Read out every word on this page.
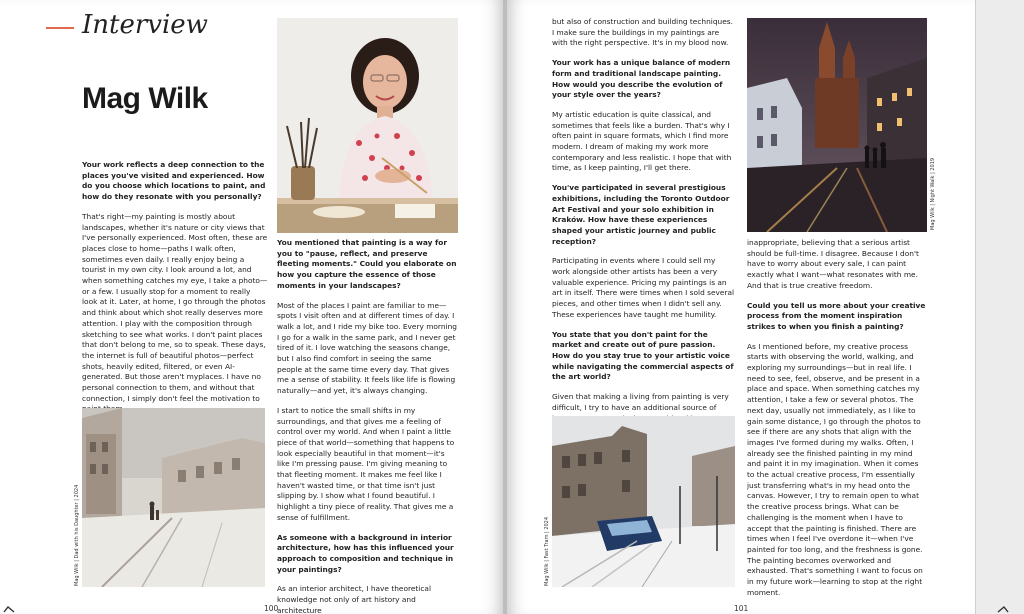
Interview
Mag Wilk

Your work reflects a deep connection to the places you've visited and experienced. How do you choose which locations to paint, and how do they resonate with you personally?

That's right—my painting is mostly about landscapes, whether it's nature or city views that I've personally experienced. Most often, these are places close to home—paths I walk often, sometimes even daily. I really enjoy being a tourist in my own city. I look around a lot, and when something catches my eye, I take a photo—or a few. I usually stop for a moment to really look at it. Later, at home, I go through the photos and think about which shot really deserves more attention. I play with the composition through sketching to see what works. I don't paint places that don't belong to me, so to speak. These days, the internet is full of beautiful photos—perfect shots, heavily edited, filtered, or even AI-generated. But those aren't myplaces. I have no personal connection to them, and without that connection, I simply don't feel the motivation to

You mentioned that painting is a way for you to "pause, reflect, and preserve fleeting moments." Could you elaborate on how you capture the essence of those moments in your landscapes?

Most of the places I paint are familiar to me—spots I visit often and at different times of day. I walk a lot, and I ride my bike too. Every morning I go for a walk in the same park, and I never get tired of it. I love watching the seasons change, but I also find comfort in seeing the same people at the same time every day. That gives me a sense of stability. It feels like life is flowing naturally—and yet, it's always changing.

I start to notice the small shifts in my surroundings, and that gives me a feeling of control over my world. And when I paint a little piece of that world—something that happens to look especially beautiful in that moment—it's like I'm pressing pause. I'm giving meaning to that fleeting moment. It makes me feel like I haven't wasted time, or that time isn't just slipping by. I show what I found beautiful. I highlight a tiny piece of reality. That gives me a sense of fulfillment.

As someone with a background in interior architecture, how has this influenced your approach to composition and technique in your paintings?

As an interior architect, I have theoretical knowledge not only of art history and architecture

Mag Wilk | Dad with his Daughter | 2024
100

but also of construction and building techniques. I make sure the buildings in my paintings are with the right perspective. It's in my blood now.

Your work has a unique balance of modern form and traditional landscape painting. How would you describe the evolution of your style over the years?

My artistic education is quite classical, and sometimes that feels like a burden. That's why I often paint in square formats, which I find more modern. I dream of making my work more contemporary and less realistic. I hope that with time, as I keep painting, I'll get there.

You've participated in several prestigious exhibitions, including the Toronto Outdoor Art Festival and your solo exhibition in Kraków. How have these experiences shaped your artistic journey and public reception?

Participating in events where I could sell my work alongside other artists has been a very valuable experience. Pricing my paintings is an art in itself. There were times when I sold several pieces, and other times when I didn't sell any. These experiences have taught me humility.

You state that you don't paint for the market and create out of pure passion. How do you stay true to your artistic voice while navigating the commercial aspects of the art world?

Given that making a living from painting is very difficult, I try to have an additional source of

Mag Wilk | Fast Tram | 2024
Mag Wilk | Night Walk | 2019

inappropriate, believing that a serious artist should be full-time. I disagree. Because I don't have to worry about every sale, I can paint exactly what I want—what resonates with me. And that is true creative freedom.

Could you tell us more about your creative process from the moment inspiration strikes to when you finish a painting?

As I mentioned before, my creative process starts with observing the world, walking, and exploring my surroundings—but in real life. I need to see, feel, observe, and be present in a place and space. When something catches my attention, I take a few or several photos. The next day, usually not immediately, as I like to gain some distance, I go through the photos to see if there are any shots that align with the images I've formed during my walks. Often, I already see the finished painting in my mind and paint it in my imagination. When it comes to the actual creative process, I'm essentially just transferring what's in my head onto the canvas. However, I try to remain open to what the creative process brings. What can be challenging is the moment when I have to accept that the painting is finished. There are times when I feel I've overdone it—when I've painted for too long, and the freshness is gone. The painting becomes overworked and exhausted. That's something I want to focus on in my future work—learning to stop at the right moment.

101
